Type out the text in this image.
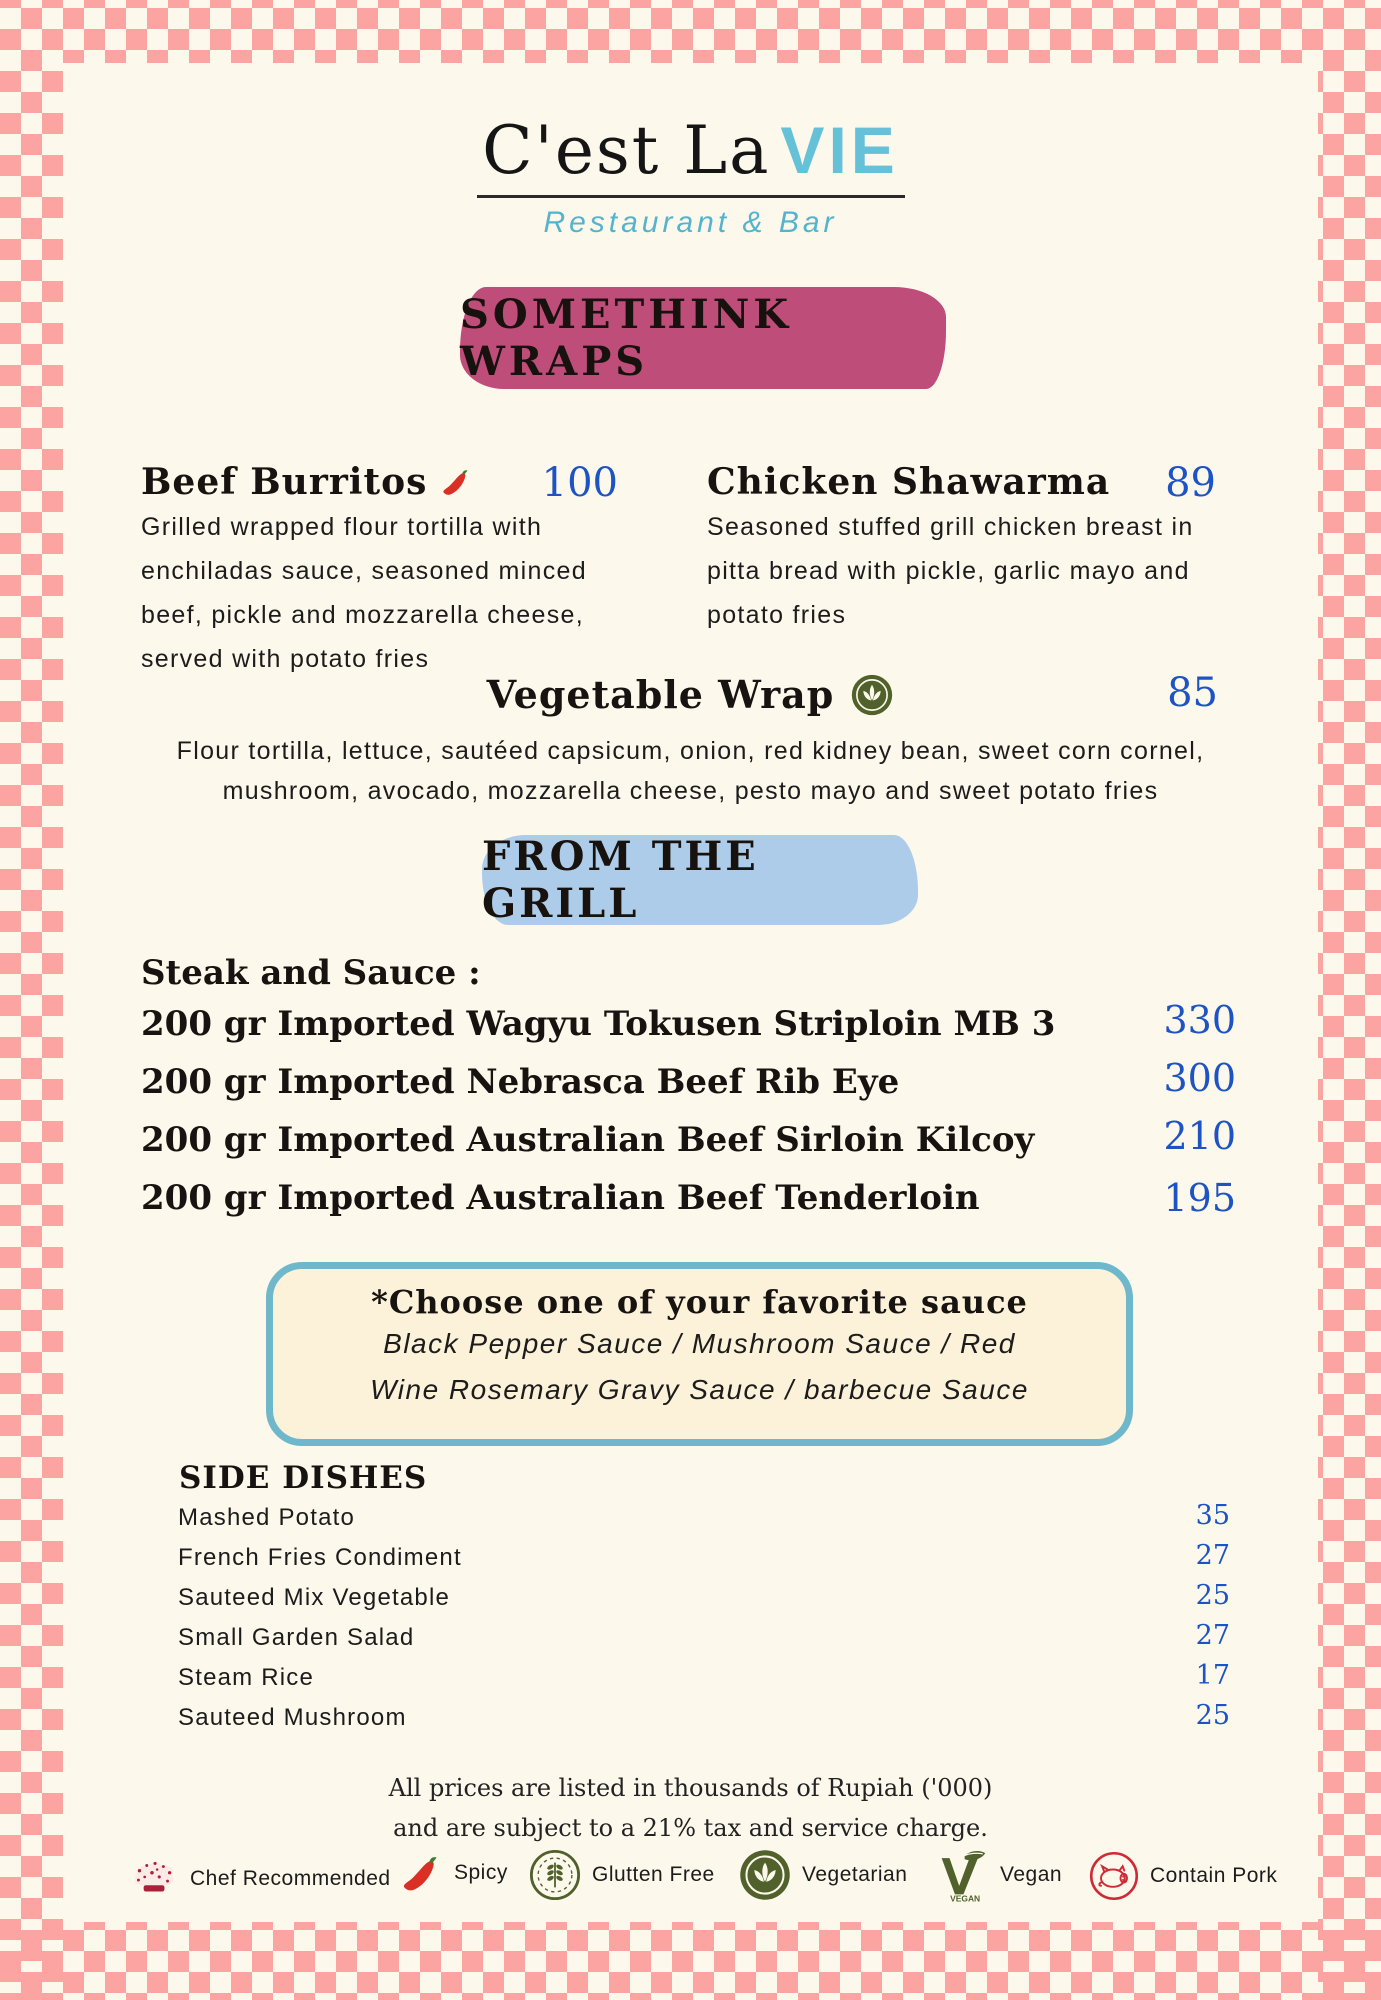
C'est La VIE
Restaurant & Bar
SOMETHINK WRAPS
Beef Burritos	100
Grilled wrapped flour tortilla with
enchiladas sauce, seasoned minced
beef, pickle and mozzarella cheese,
served with potato fries
Chicken Shawarma	89
Seasoned stuffed grill chicken breast in
pitta bread with pickle, garlic mayo and
potato fries
Vegetable Wrap	85
Flour tortilla, lettuce, sautéed capsicum, onion, red kidney bean, sweet corn cornel,
mushroom, avocado, mozzarella cheese, pesto mayo and sweet potato fries
FROM THE GRILL
Steak and Sauce :
200 gr Imported Wagyu Tokusen Striploin MB 3	330
200 gr Imported Nebrasca Beef Rib Eye	300
200 gr Imported Australian Beef Sirloin Kilcoy	210
200 gr Imported Australian Beef Tenderloin	195
*Choose one of your favorite sauce
Black Pepper Sauce / Mushroom Sauce / Red
Wine Rosemary Gravy Sauce / barbecue Sauce
SIDE DISHES
Mashed Potato	35
French Fries Condiment	27
Sauteed Mix Vegetable	25
Small Garden Salad	27
Steam Rice	17
Sauteed Mushroom	25
All prices are listed in thousands of Rupiah ('000)
and are subject to a 21% tax and service charge.
Chef Recommended	Spicy	Glutten Free	Vegetarian
VEGAN
Vegan	Contain Pork
